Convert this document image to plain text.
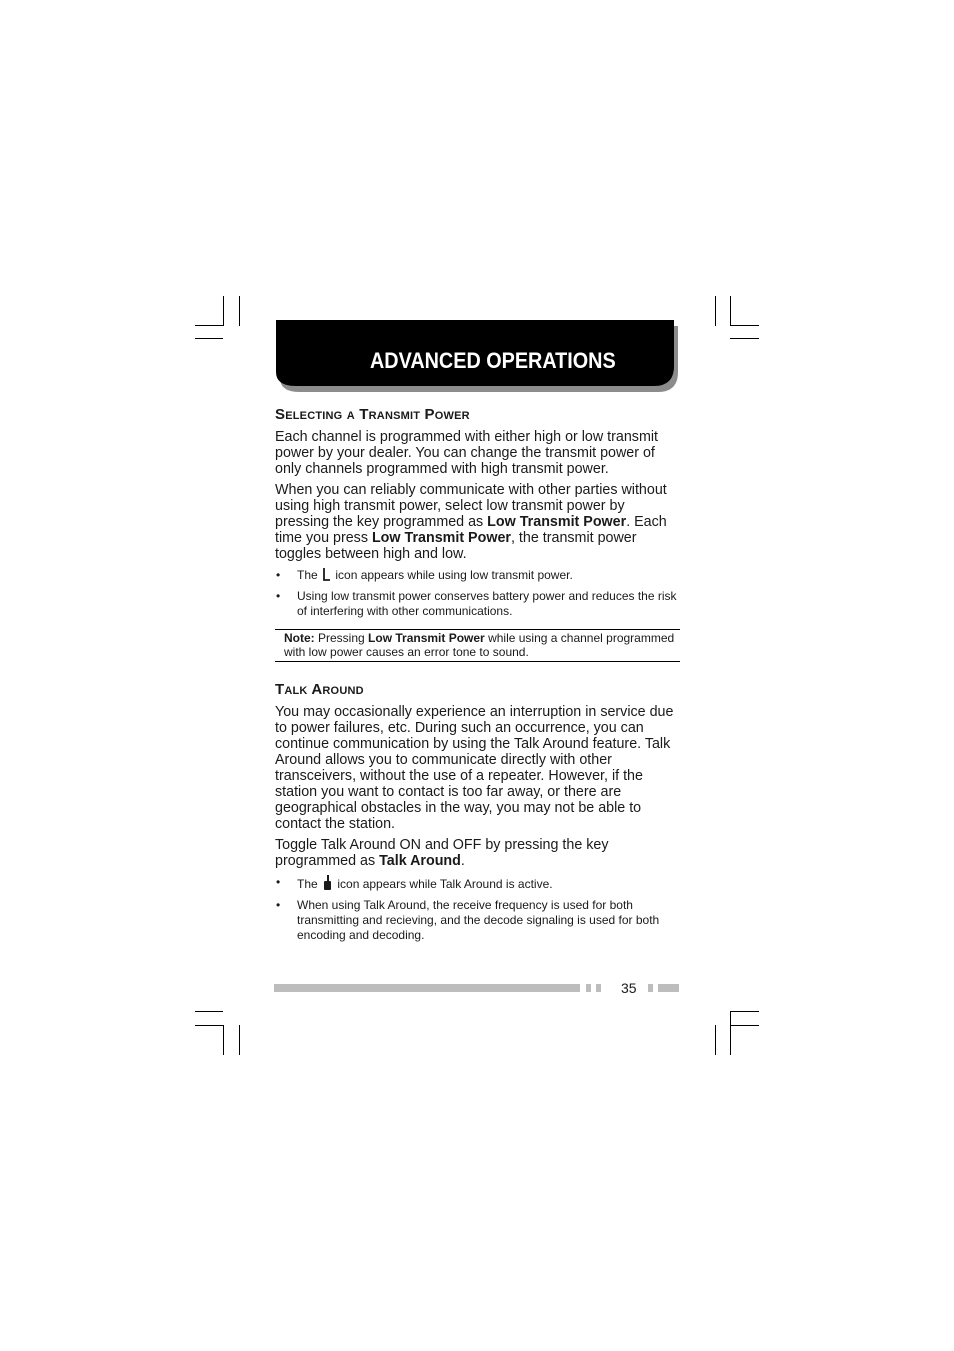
ADVANCED OPERATIONS
Selecting a Transmit Power

Each channel is programmed with either high or low transmit power by your dealer. You can change the transmit power of only channels programmed with high transmit power.

When you can reliably communicate with other parties without using high transmit power, select low transmit power by pressing the key programmed as Low Transmit Power. Each time you press Low Transmit Power, the transmit power toggles between high and low.

• The  icon appears while using low transmit power.
• Using low transmit power conserves battery power and reduces the risk of interfering with other communications.
Note: Pressing Low Transmit Power while using a channel programmed with low power causes an error tone to sound.
Talk Around

You may occasionally experience an interruption in service due to power failures, etc. During such an occurrence, you can continue communication by using the Talk Around feature. Talk Around allows you to communicate directly with other transceivers, without the use of a repeater. However, if the station you want to contact is too far away, or there are geographical obstacles in the way, you may not be able to contact the station.

Toggle Talk Around ON and OFF by pressing the key programmed as Talk Around.

• The  icon appears while Talk Around is active.
• When using Talk Around, the receive frequency is used for both transmitting and recieving, and the decode signaling is used for both encoding and decoding.
35
